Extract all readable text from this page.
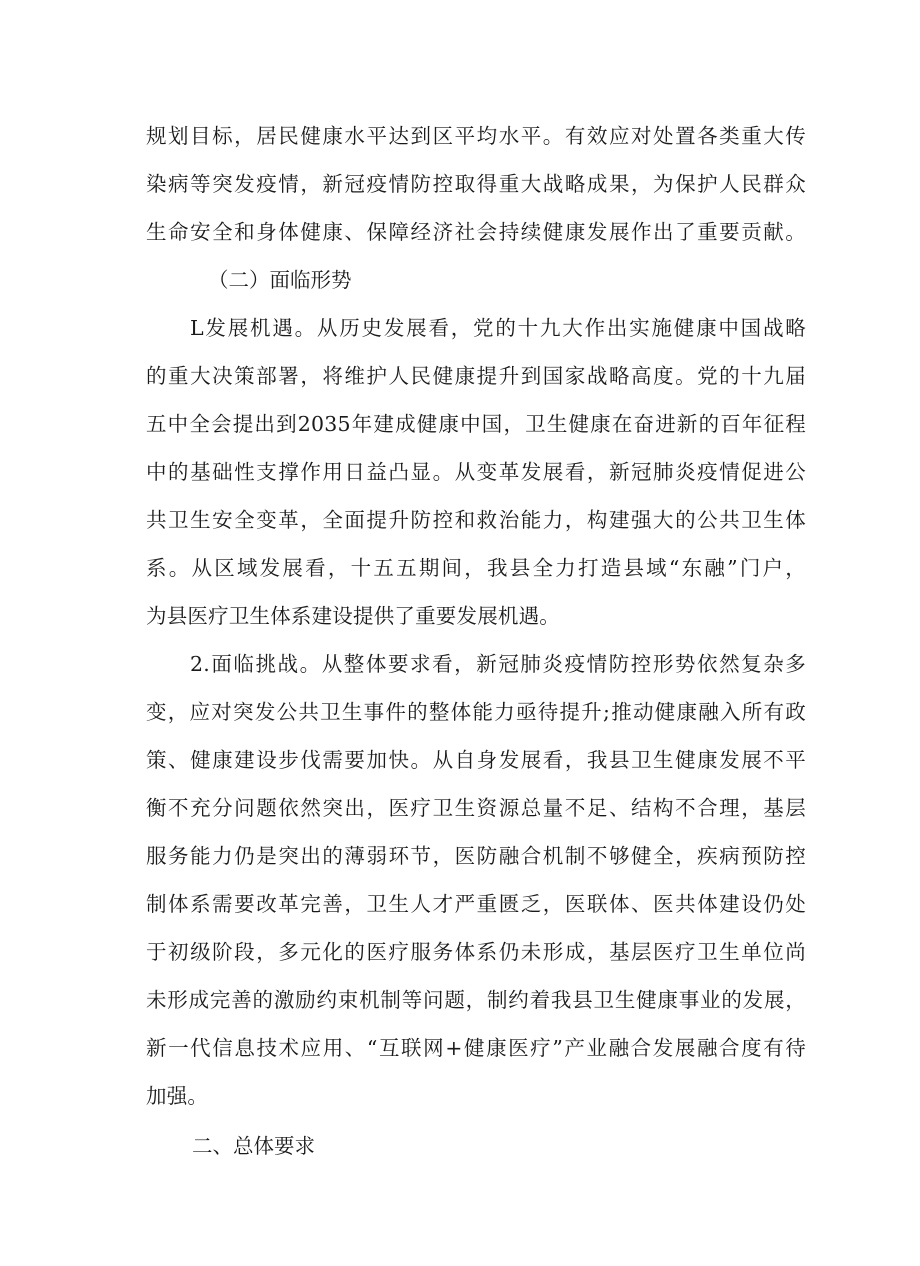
规划目标，居民健康水平达到区平均水平。有效应对处置各类重大传
染病等突发疫情，新冠疫情防控取得重大战略成果，为保护人民群众
生命安全和身体健康、保障经济社会持续健康发展作出了重要贡献。
（二）面临形势
L发展机遇。从历史发展看，党的十九大作出实施健康中国战略
的重大决策部署，将维护人民健康提升到国家战略高度。党的十九届
五中全会提出到2035年建成健康中国，卫生健康在奋进新的百年征程
中的基础性支撑作用日益凸显。从变革发展看，新冠肺炎疫情促进公
共卫生安全变革，全面提升防控和救治能力，构建强大的公共卫生体
系。从区域发展看，十五五期间，我县全力打造县域“东融”门户，
为县医疗卫生体系建设提供了重要发展机遇。
2.面临挑战。从整体要求看，新冠肺炎疫情防控形势依然复杂多
变，应对突发公共卫生事件的整体能力亟待提升;推动健康融入所有政
策、健康建设步伐需要加快。从自身发展看，我县卫生健康发展不平
衡不充分问题依然突出，医疗卫生资源总量不足、结构不合理，基层
服务能力仍是突出的薄弱环节，医防融合机制不够健全，疾病预防控
制体系需要改革完善，卫生人才严重匮乏，医联体、医共体建设仍处
于初级阶段，多元化的医疗服务体系仍未形成，基层医疗卫生单位尚
未形成完善的激励约束机制等问题，制约着我县卫生健康事业的发展，
新一代信息技术应用、“互联网+健康医疗”产业融合发展融合度有待
加强。
二、总体要求
